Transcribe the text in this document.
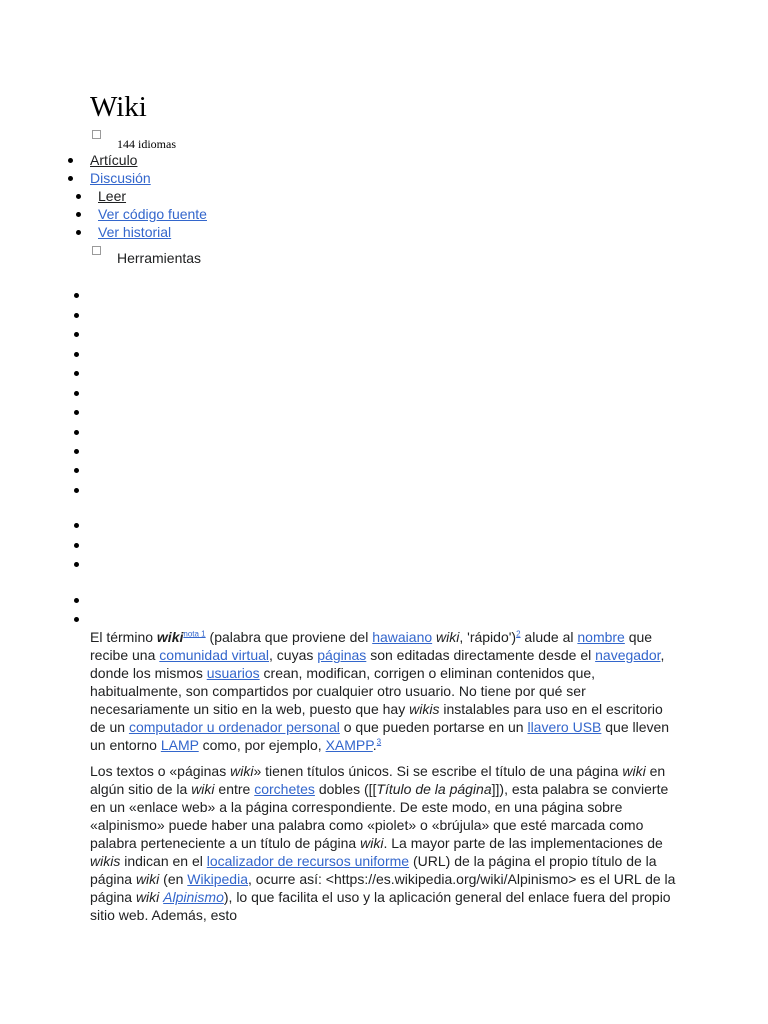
Wiki
144 idiomas
Artículo
Discusión
Leer
Ver código fuente
Ver historial
Herramientas

El término wiki$^{nota 1}$ (palabra que proviene del hawaiano wiki, 'rápido')$^2$ alude al nombre que recibe una comunidad virtual, cuyas páginas son editadas directamente desde el navegador, donde los mismos usuarios crean, modifican, corrigen o eliminan contenidos que, habitualmente, son compartidos por cualquier otro usuario. No tiene por qué ser necesariamente un sitio en la web, puesto que hay wikis instalables para uso en el escritorio de un computador u ordenador personal o que pueden portarse en un llavero USB que lleven un entorno LAMP como, por ejemplo, XAMPP.$^3$

Los textos o «páginas wiki» tienen títulos únicos. Si se escribe el título de una página wiki en algún sitio de la wiki entre corchetes dobles ([[Título de la página]]), esta palabra se convierte en un «enlace web» a la página correspondiente. De este modo, en una página sobre «alpinismo» puede haber una palabra como «piolet» o «brújula» que esté marcada como palabra perteneciente a un título de página wiki. La mayor parte de las implementaciones de wikis indican en el localizador de recursos uniforme (URL) de la página el propio título de la página wiki (en Wikipedia, ocurre así: <https://es.wikipedia.org/wiki/Alpinismo> es el URL de la página wiki Alpinismo), lo que facilita el uso y la aplicación general del enlace fuera del propio sitio web. Además, esto
